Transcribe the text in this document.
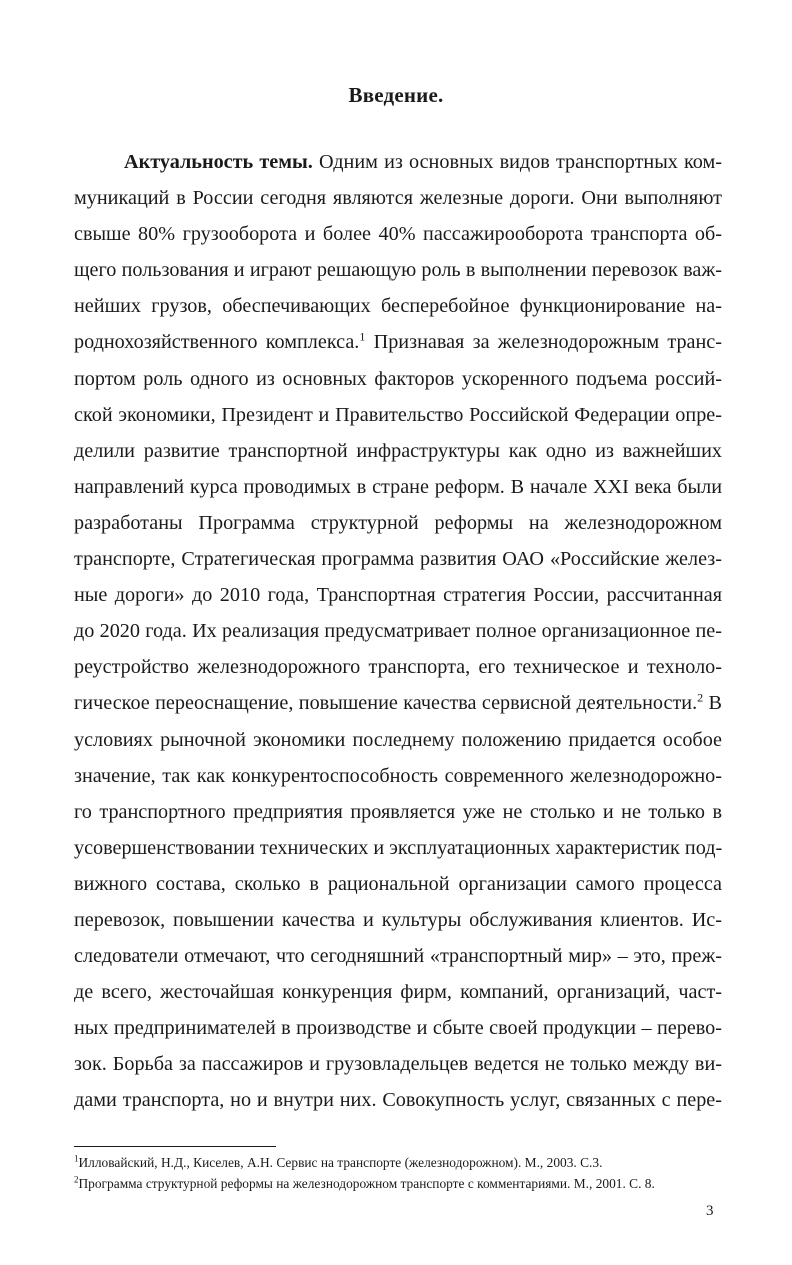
Введение.
Актуальность темы. Одним из основных видов транспортных ком-
муникаций в России сегодня являются железные дороги. Они выполняют
свыше 80% грузооборота и более 40% пассажирооборота транспорта об-
щего пользования и играют решающую роль в выполнении перевозок важ-
нейших грузов, обеспечивающих бесперебойное функционирование на-
роднохозяйственного комплекса.$^1$ Признавая за железнодорожным транс-
портом роль одного из основных факторов ускоренного подъема россий-
ской экономики, Президент и Правительство Российской Федерации опре-
делили развитие транспортной инфраструктуры как одно из важнейших
направлений курса проводимых в стране реформ. В начале XXI века были
разработаны Программа структурной реформы на железнодорожном
транспорте, Стратегическая программа развития ОАО «Российские желез-
ные дороги» до 2010 года, Транспортная стратегия России, рассчитанная
до 2020 года. Их реализация предусматривает полное организационное пе-
реустройство железнодорожного транспорта, его техническое и техноло-
гическое переоснащение, повышение качества сервисной деятельности.$^2$ В
условиях рыночной экономики последнему положению придается особое
значение, так как конкурентоспособность современного железнодорожно-
го транспортного предприятия проявляется уже не столько и не только в
усовершенствовании технических и эксплуатационных характеристик под-
вижного состава, сколько в рациональной организации самого процесса
перевозок, повышении качества и культуры обслуживания клиентов. Ис-
следователи отмечают, что сегодняшний «транспортный мир» – это, преж-
де всего, жесточайшая конкуренция фирм, компаний, организаций, част-
ных предпринимателей в производстве и сбыте своей продукции – перево-
зок. Борьба за пассажиров и грузовладельцев ведется не только между ви-
дами транспорта, но и внутри них. Совокупность услуг, связанных с пере-
$^1$Илловайский, Н.Д., Киселев, А.Н. Сервис на транспорте (железнодорожном). М., 2003. С.3.
$^2$Программа структурной реформы на железнодорожном транспорте с комментариями. М., 2001. С. 8.
3
